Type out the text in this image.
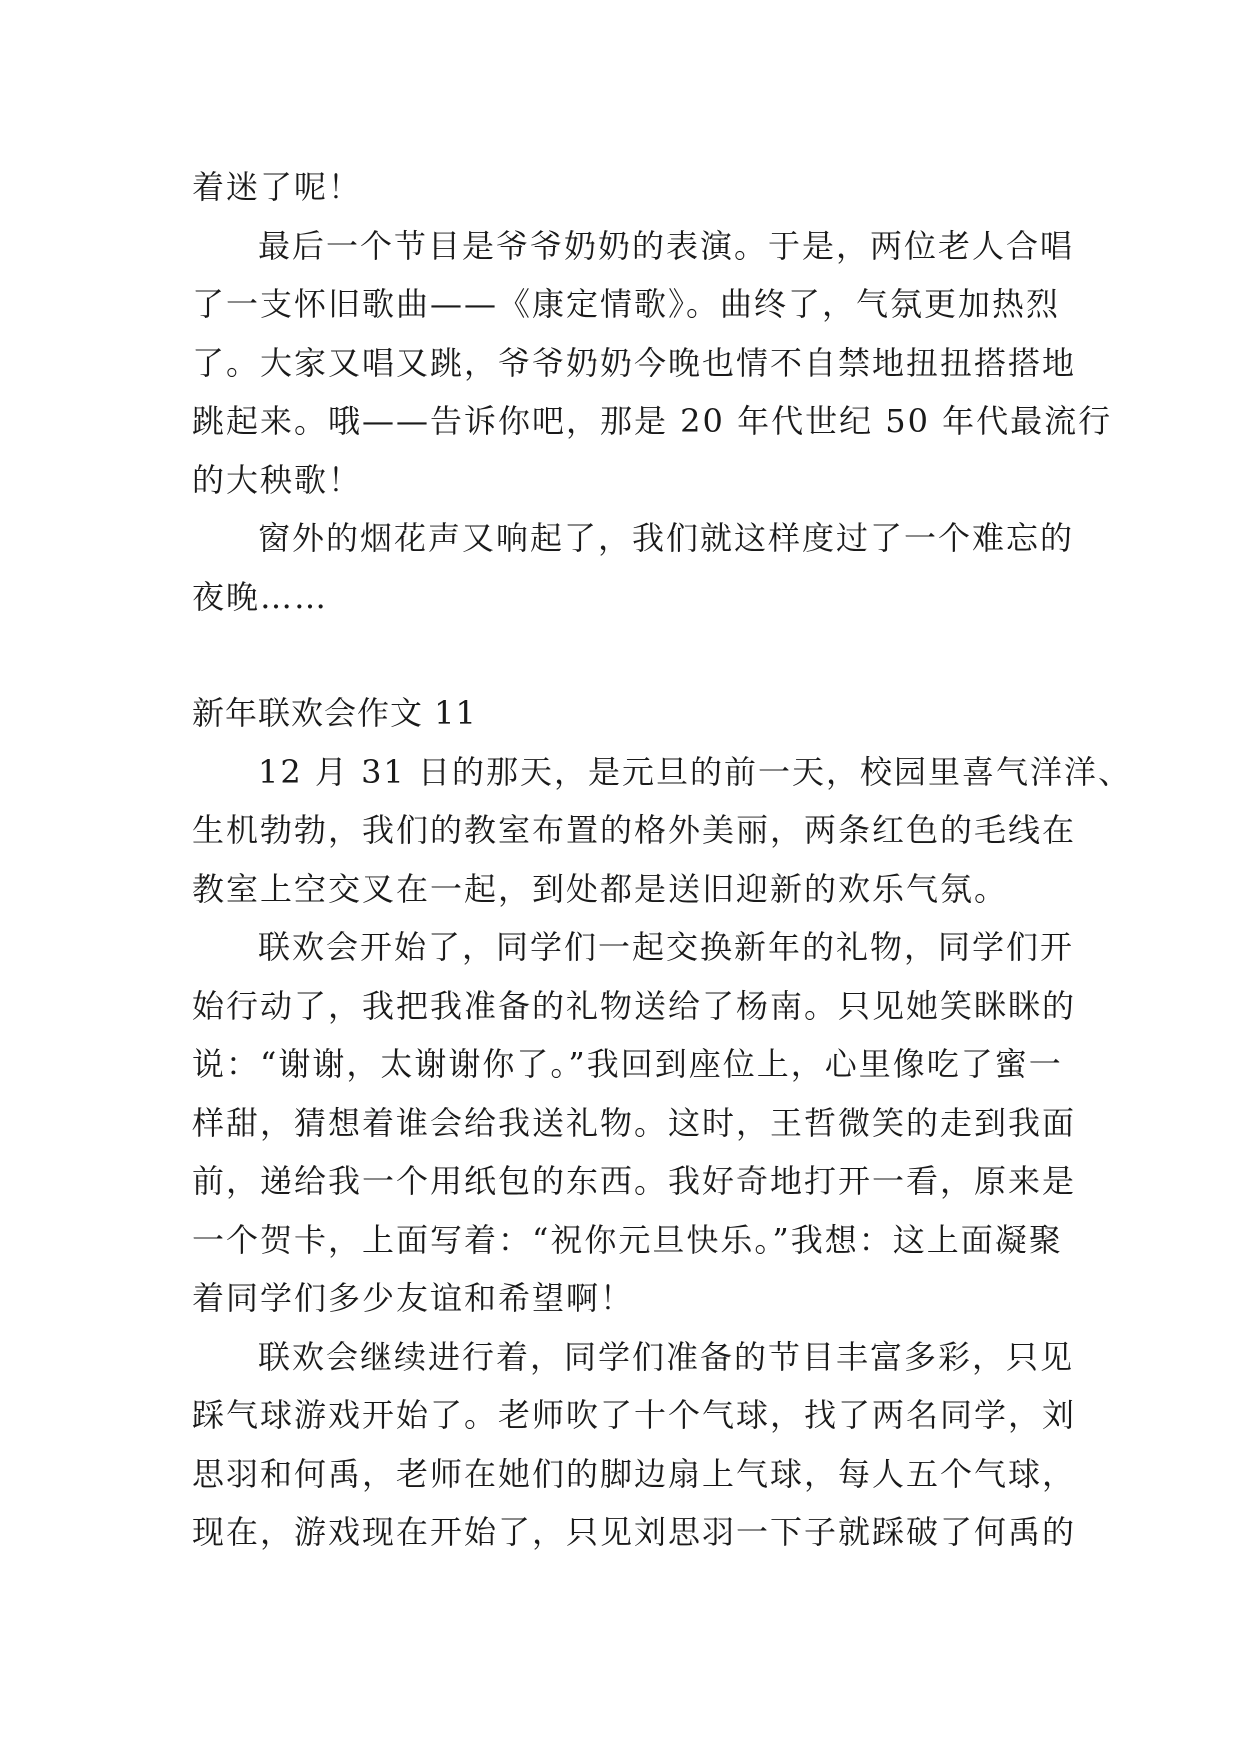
着迷了呢！

最后一个节目是爷爷奶奶的表演。于是，两位老人合唱

了一支怀旧歌曲——《康定情歌》。曲终了，气氛更加热烈

了。大家又唱又跳，爷爷奶奶今晚也情不自禁地扭扭搭搭地

跳起来。哦——告诉你吧，那是 20 年代世纪 50 年代最流行

的大秧歌！

窗外的烟花声又响起了，我们就这样度过了一个难忘的

夜晚……

新年联欢会作文 11

12 月 31 日的那天，是元旦的前一天，校园里喜气洋洋、

生机勃勃，我们的教室布置的格外美丽，两条红色的毛线在

教室上空交叉在一起，到处都是送旧迎新的欢乐气氛。

联欢会开始了，同学们一起交换新年的礼物，同学们开

始行动了，我把我准备的礼物送给了杨南。只见她笑眯眯的

说：“谢谢，太谢谢你了。”我回到座位上，心里像吃了蜜一

样甜，猜想着谁会给我送礼物。这时，王哲微笑的走到我面

前，递给我一个用纸包的东西。我好奇地打开一看，原来是

一个贺卡，上面写着：“祝你元旦快乐。”我想：这上面凝聚

着同学们多少友谊和希望啊！

联欢会继续进行着，同学们准备的节目丰富多彩，只见

踩气球游戏开始了。老师吹了十个气球，找了两名同学，刘

思羽和何禹，老师在她们的脚边扇上气球，每人五个气球，

现在，游戏现在开始了，只见刘思羽一下子就踩破了何禹的
